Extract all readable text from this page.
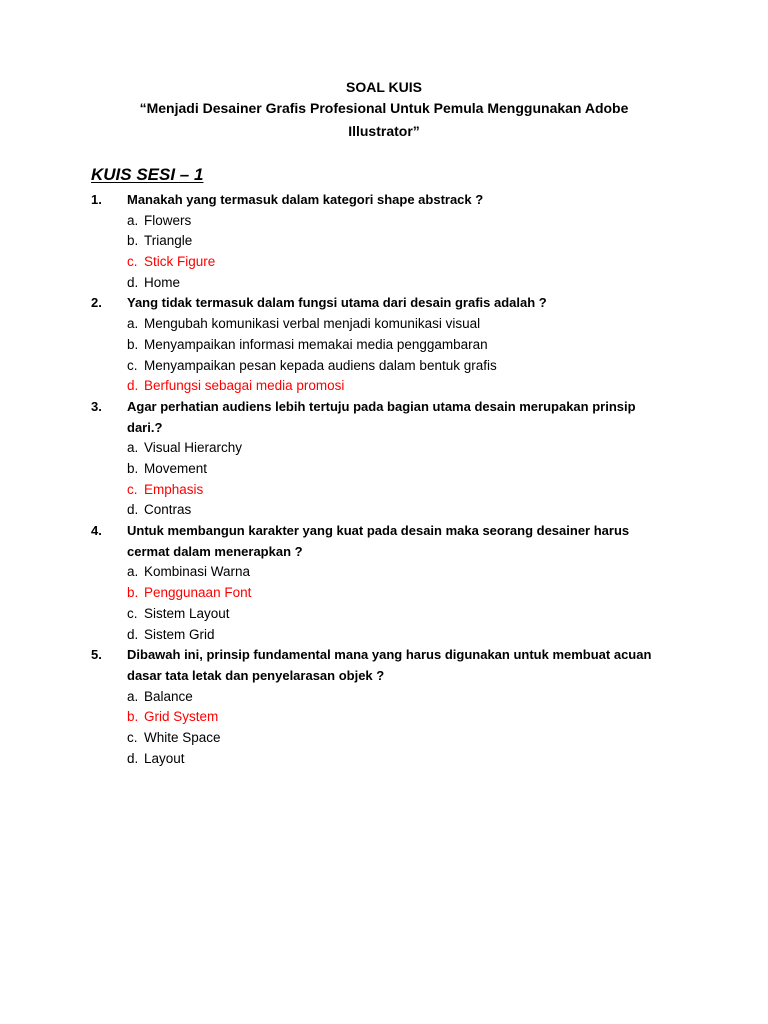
SOAL KUIS
“Menjadi Desainer Grafis Profesional Untuk Pemula Menggunakan Adobe
Illustrator”
KUIS SESI – 1
1. Manakah yang termasuk dalam kategori shape abstrack ?
a. Flowers
b. Triangle
c. Stick Figure
d. Home
2. Yang tidak termasuk dalam fungsi utama dari desain grafis adalah ?
a. Mengubah komunikasi verbal menjadi komunikasi visual
b. Menyampaikan informasi memakai media penggambaran
c. Menyampaikan pesan kepada audiens dalam bentuk grafis
d. Berfungsi sebagai media promosi
3. Agar perhatian audiens lebih tertuju pada bagian utama desain merupakan prinsip dari.?
a. Visual Hierarchy
b. Movement
c. Emphasis
d. Contras
4. Untuk membangun karakter yang kuat pada desain maka seorang desainer harus cermat dalam menerapkan ?
a. Kombinasi Warna
b. Penggunaan Font
c. Sistem Layout
d. Sistem Grid
5. Dibawah ini, prinsip fundamental mana yang harus digunakan untuk membuat acuan dasar tata letak dan penyelarasan objek ?
a. Balance
b. Grid System
c. White Space
d. Layout
